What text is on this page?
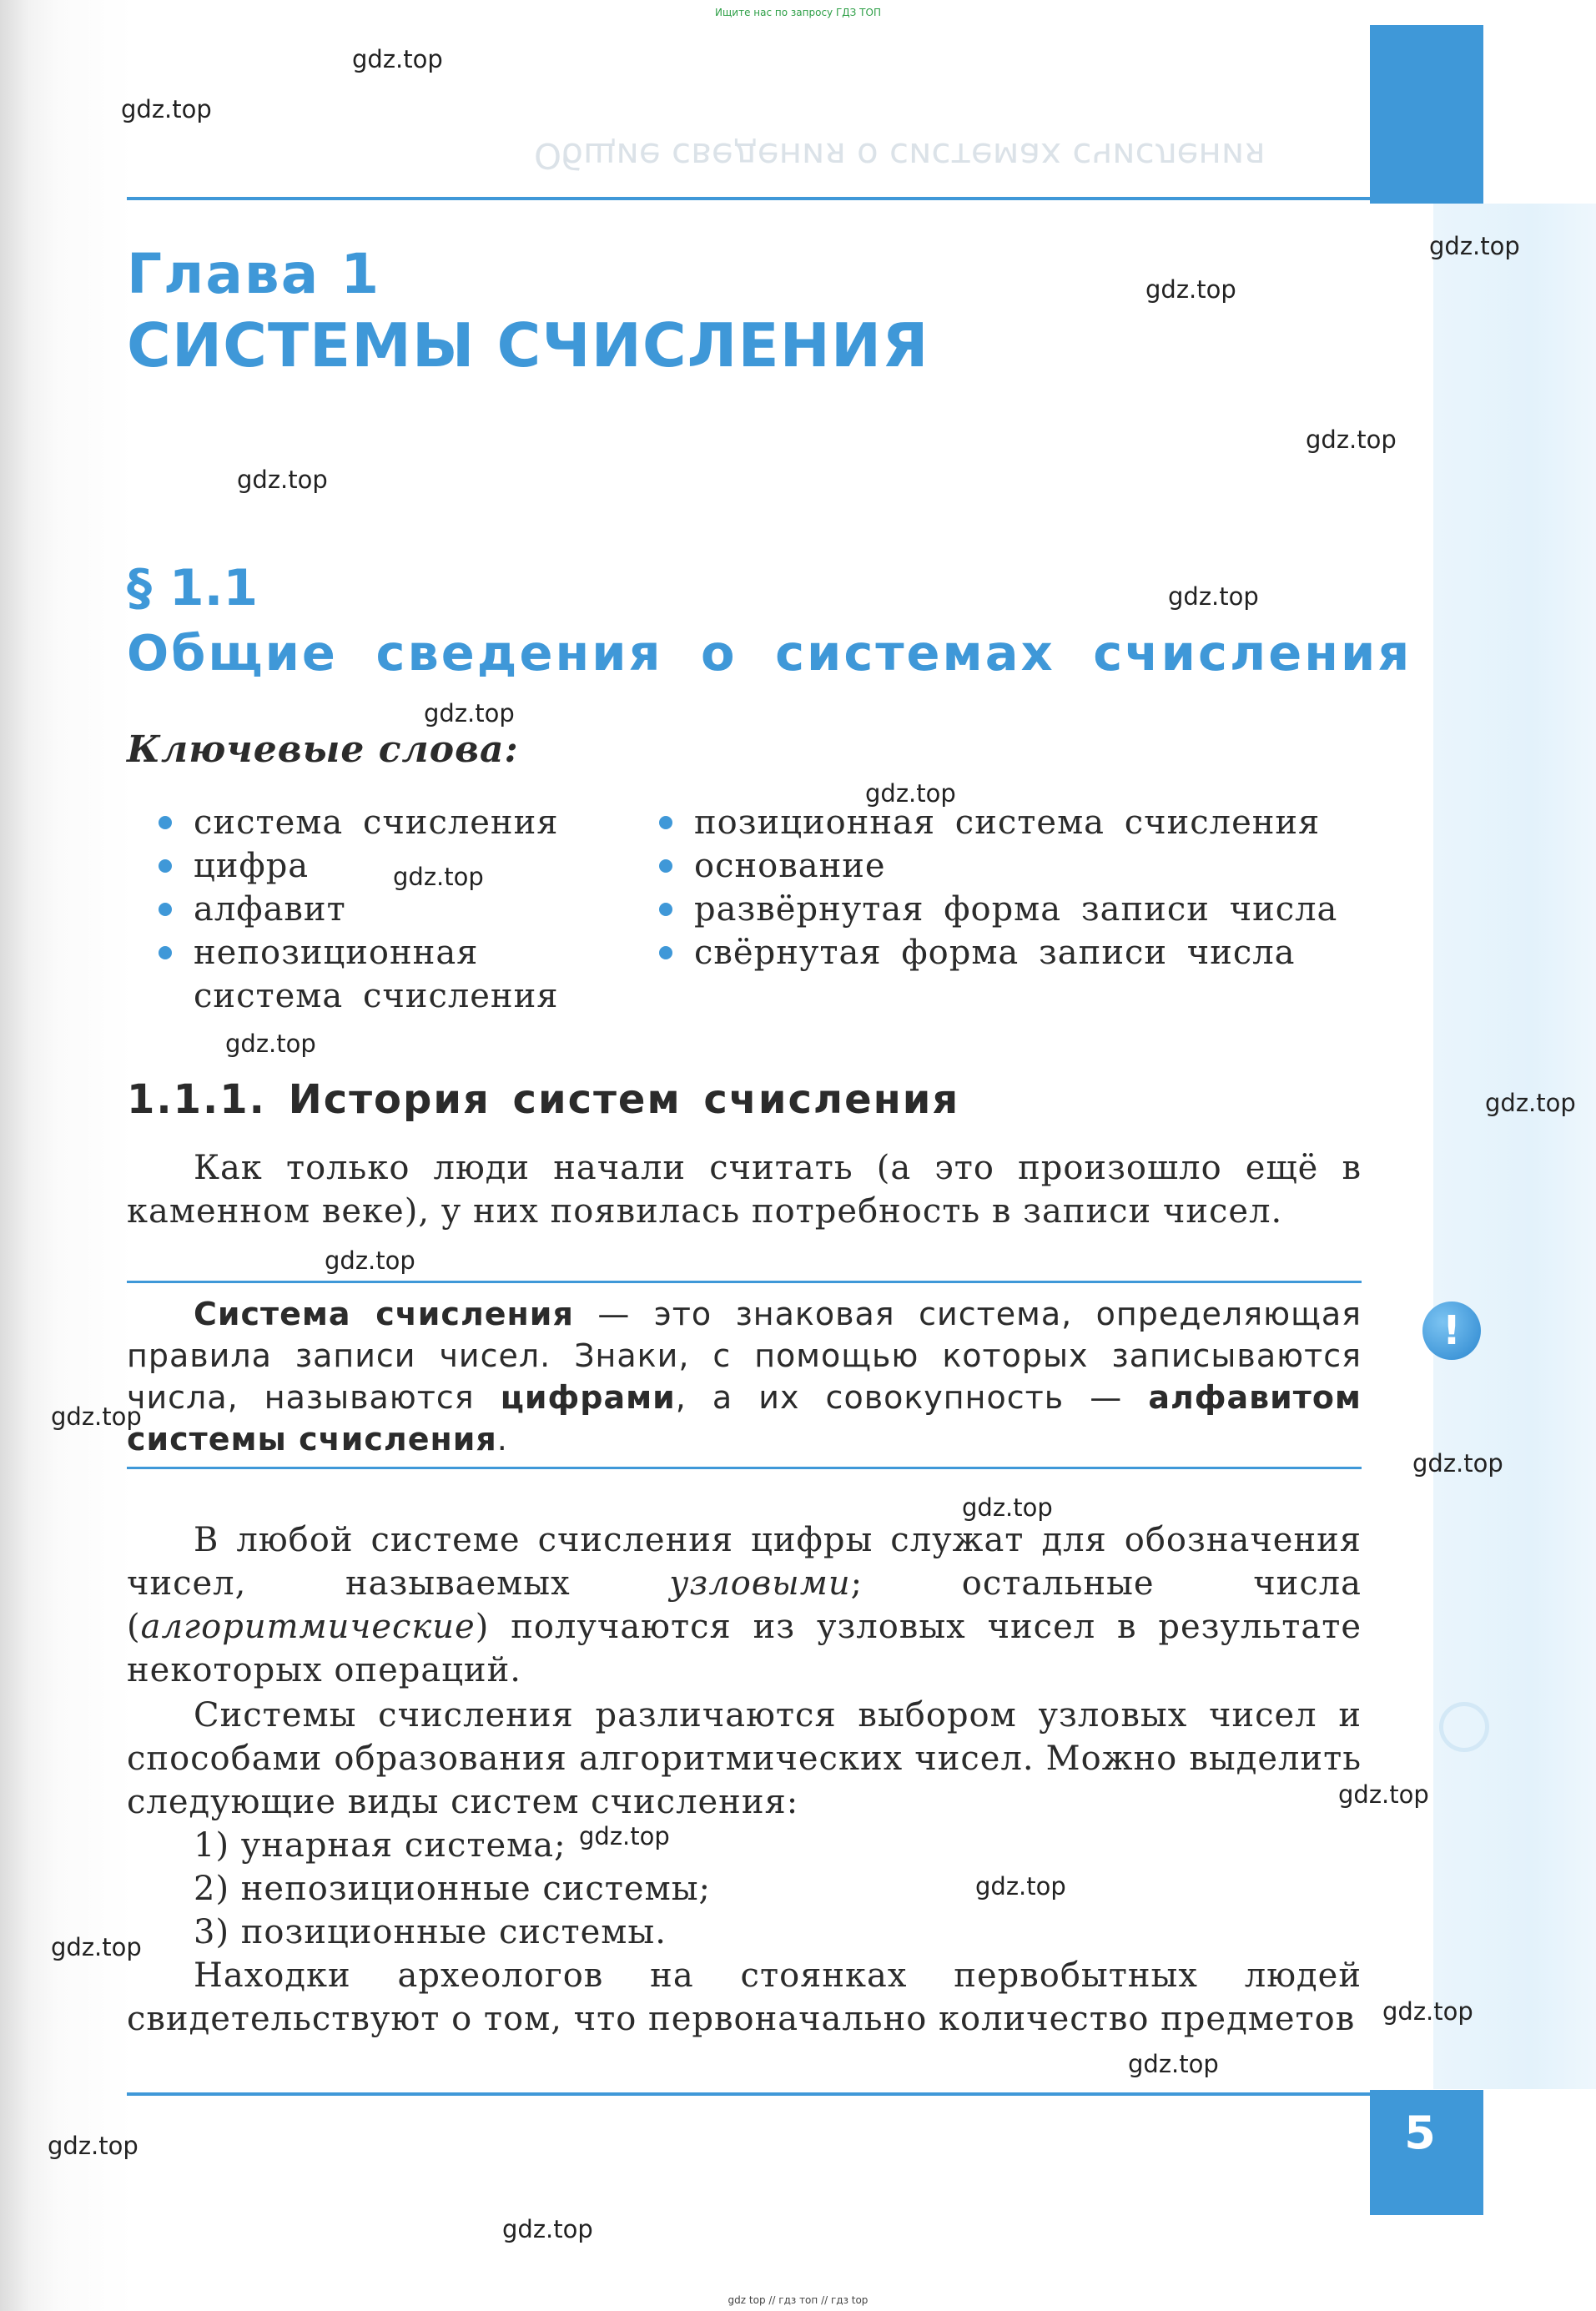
Ищите нас по запросу ГДЗ ТОП
5
Общие сведения о системах счисления
Глава 1
СИСТЕМЫ СЧИСЛЕНИЯ
§ 1.1
Общие сведения о системах счисления
Ключевые слова:
система счисления
цифра
алфавит
непозиционная
система счисления
позиционная система счисления
основание
развёрнутая форма записи числа
свёрнутая форма записи числа
1.1.1. История систем счисления
Как только люди начали считать (а это произошло ещё в каменном веке), у них появилась потребность в записи чисел.
Система счисления — это знаковая система, определяющая правила записи чисел. Знаки, с помощью которых записываются числа, называются цифрами, а их совокупность — алфавитом системы счисления.
!
В любой системе счисления цифры служат для обозначения чисел, называемых узловыми; остальные числа (алгоритмические) получаются из узловых чисел в результате некоторых операций.
Системы счисления различаются выбором узловых чисел и способами образования алгоритмических чисел. Можно выделить следующие виды систем счисления:
1) унарная система;
2) непозиционные системы;
3) позиционные системы.
Находки археологов на стоянках первобытных людей свидетельствуют о том, что первоначально количество предметов
gdz.top
gdz.top
gdz.top
gdz.top
gdz.top
gdz.top
gdz.top
gdz.top
gdz.top
gdz.top
gdz.top
gdz.top
gdz.top
gdz.top
gdz.top
gdz.top
gdz.top
gdz.top
gdz.top
gdz.top
gdz.top
gdz.top
gdz.top
gdz.top
gdz top // гдз топ // гдз top
